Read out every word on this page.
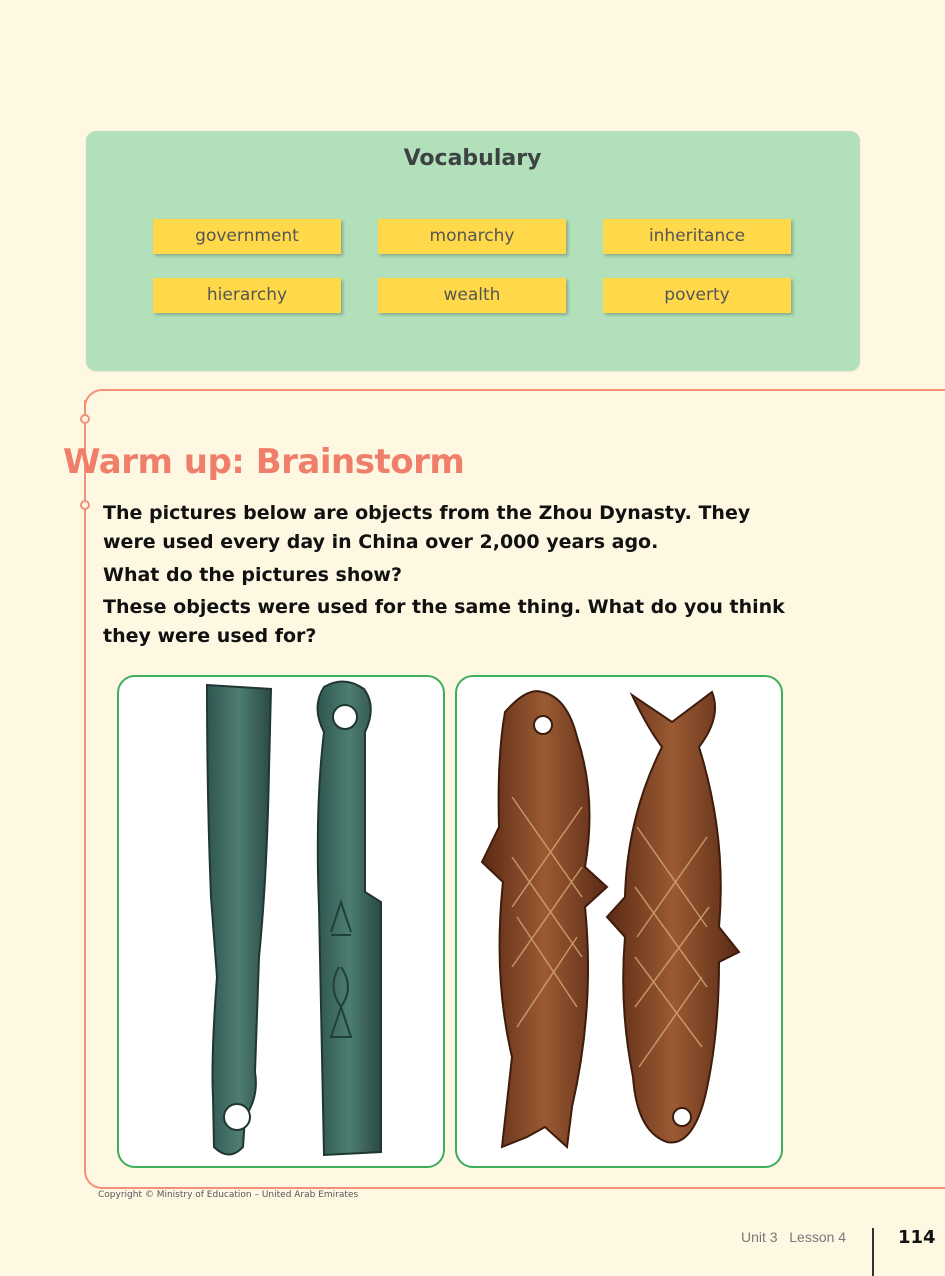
Vocabulary
government	monarchy	inheritance
hierarchy	wealth	poverty
Warm up: Brainstorm
The pictures below are objects from the Zhou Dynasty. They were used every day in China over 2,000 years ago.
What do the pictures show?
These objects were used for the same thing. What do you think they were used for?
Copyright © Ministry of Education – United Arab Emirates
Unit 3 Lesson 4	114
